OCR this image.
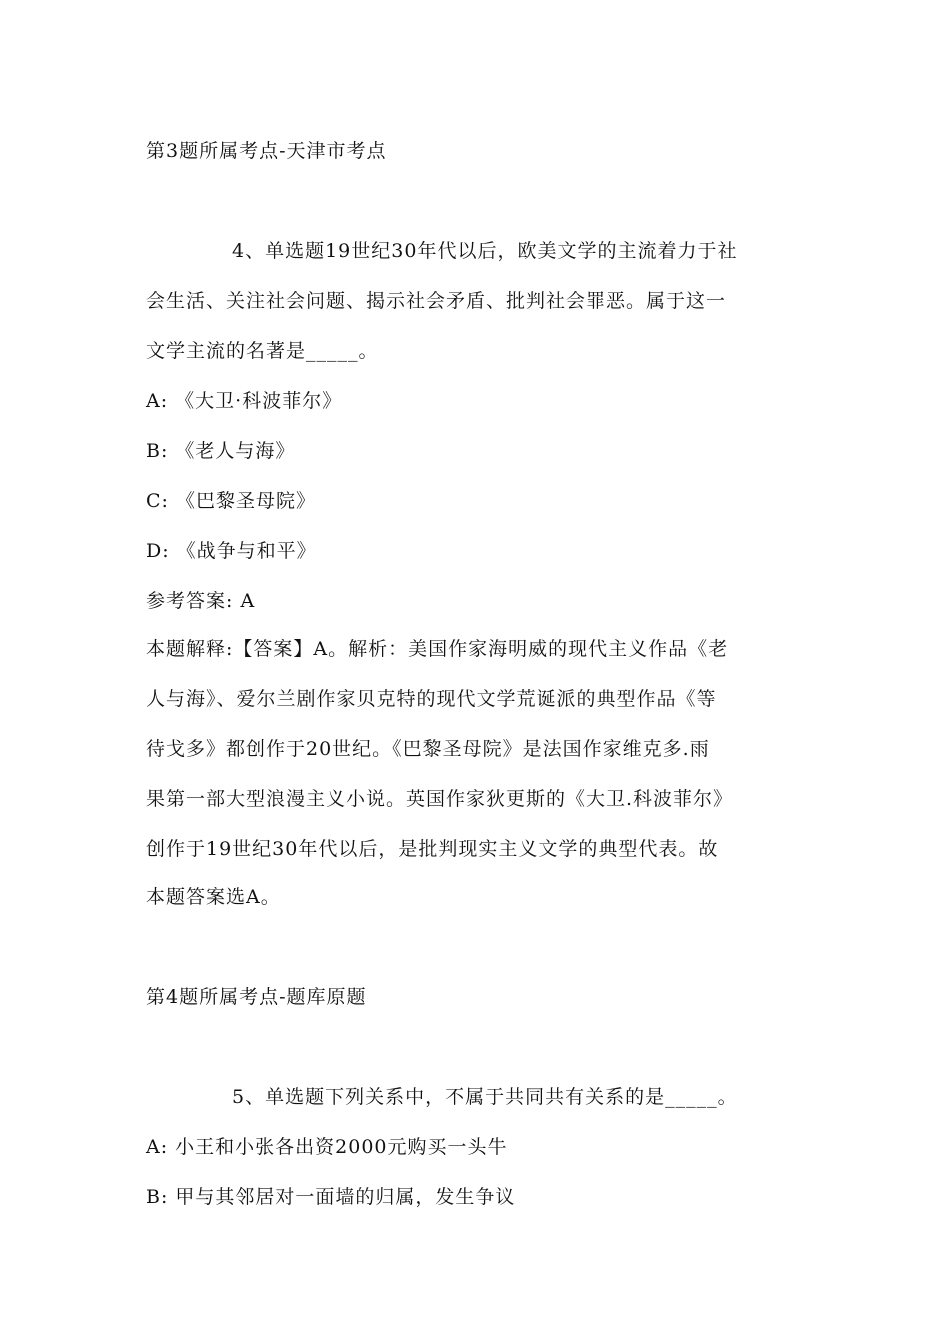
第3题所属考点-天津市考点
4、单选题19世纪30年代以后，欧美文学的主流着力于社
会生活、关注社会问题、揭示社会矛盾、批判社会罪恶。属于这一
文学主流的名著是_____。
A: 《大卫·科波菲尔》
B: 《老人与海》
C: 《巴黎圣母院》
D: 《战争与和平》
参考答案: A
本题解释:【答案】A。解析：美国作家海明威的现代主义作品《老
人与海》、爱尔兰剧作家贝克特的现代文学荒诞派的典型作品《等
待戈多》都创作于20世纪。《巴黎圣母院》是法国作家维克多.雨
果第一部大型浪漫主义小说。英国作家狄更斯的《大卫.科波菲尔》
创作于19世纪30年代以后，是批判现实主义文学的典型代表。故
本题答案选A。
第4题所属考点-题库原题
5、单选题下列关系中，不属于共同共有关系的是_____。
A: 小王和小张各出资2000元购买一头牛
B: 甲与其邻居对一面墙的归属，发生争议
